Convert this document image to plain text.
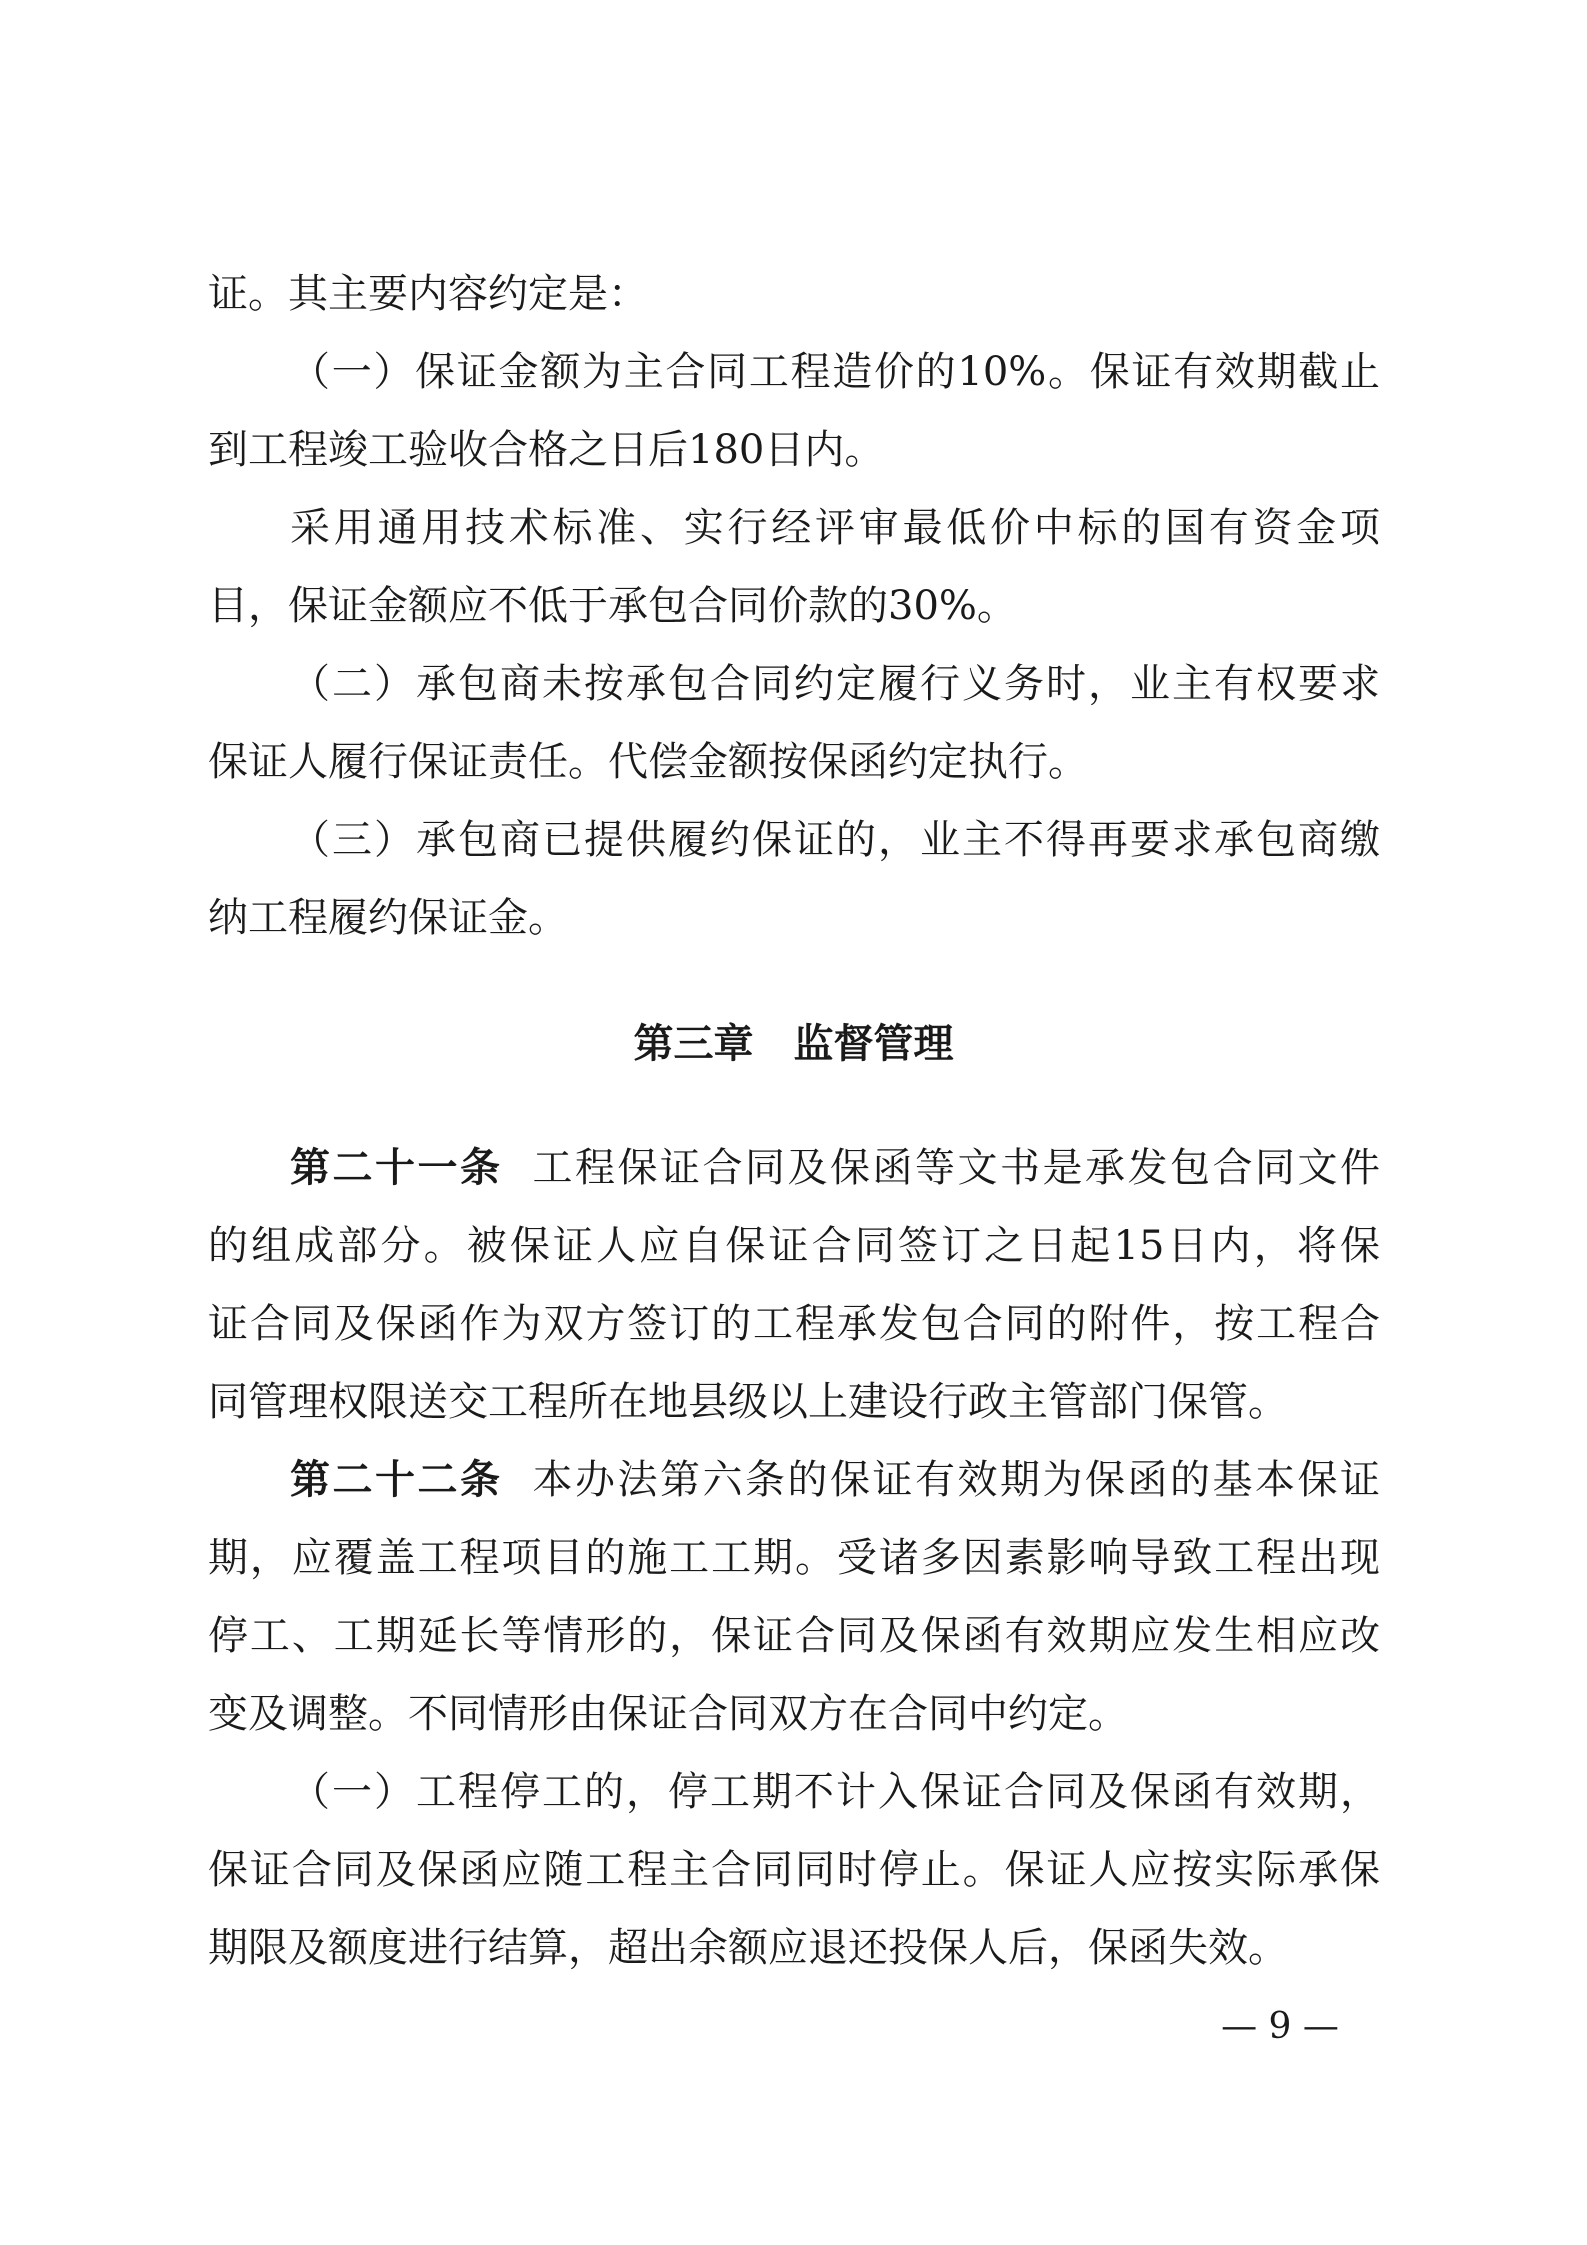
证。其主要内容约定是：
（一）保证金额为主合同工程造价的10%。保证有效期截止
到工程竣工验收合格之日后180日内。
采用通用技术标准、实行经评审最低价中标的国有资金项
目，保证金额应不低于承包合同价款的30%。
（二）承包商未按承包合同约定履行义务时，业主有权要求
保证人履行保证责任。代偿金额按保函约定执行。
（三）承包商已提供履约保证的，业主不得再要求承包商缴
纳工程履约保证金。
第三章　监督管理
第二十一条 工程保证合同及保函等文书是承发包合同文件
的组成部分。被保证人应自保证合同签订之日起15日内，将保
证合同及保函作为双方签订的工程承发包合同的附件，按工程合
同管理权限送交工程所在地县级以上建设行政主管部门保管。
第二十二条 本办法第六条的保证有效期为保函的基本保证
期，应覆盖工程项目的施工工期。受诸多因素影响导致工程出现
停工、工期延长等情形的，保证合同及保函有效期应发生相应改
变及调整。不同情形由保证合同双方在合同中约定。
（一）工程停工的，停工期不计入保证合同及保函有效期，
保证合同及保函应随工程主合同同时停止。保证人应按实际承保
期限及额度进行结算，超出余额应退还投保人后，保函失效。
— 9 —
